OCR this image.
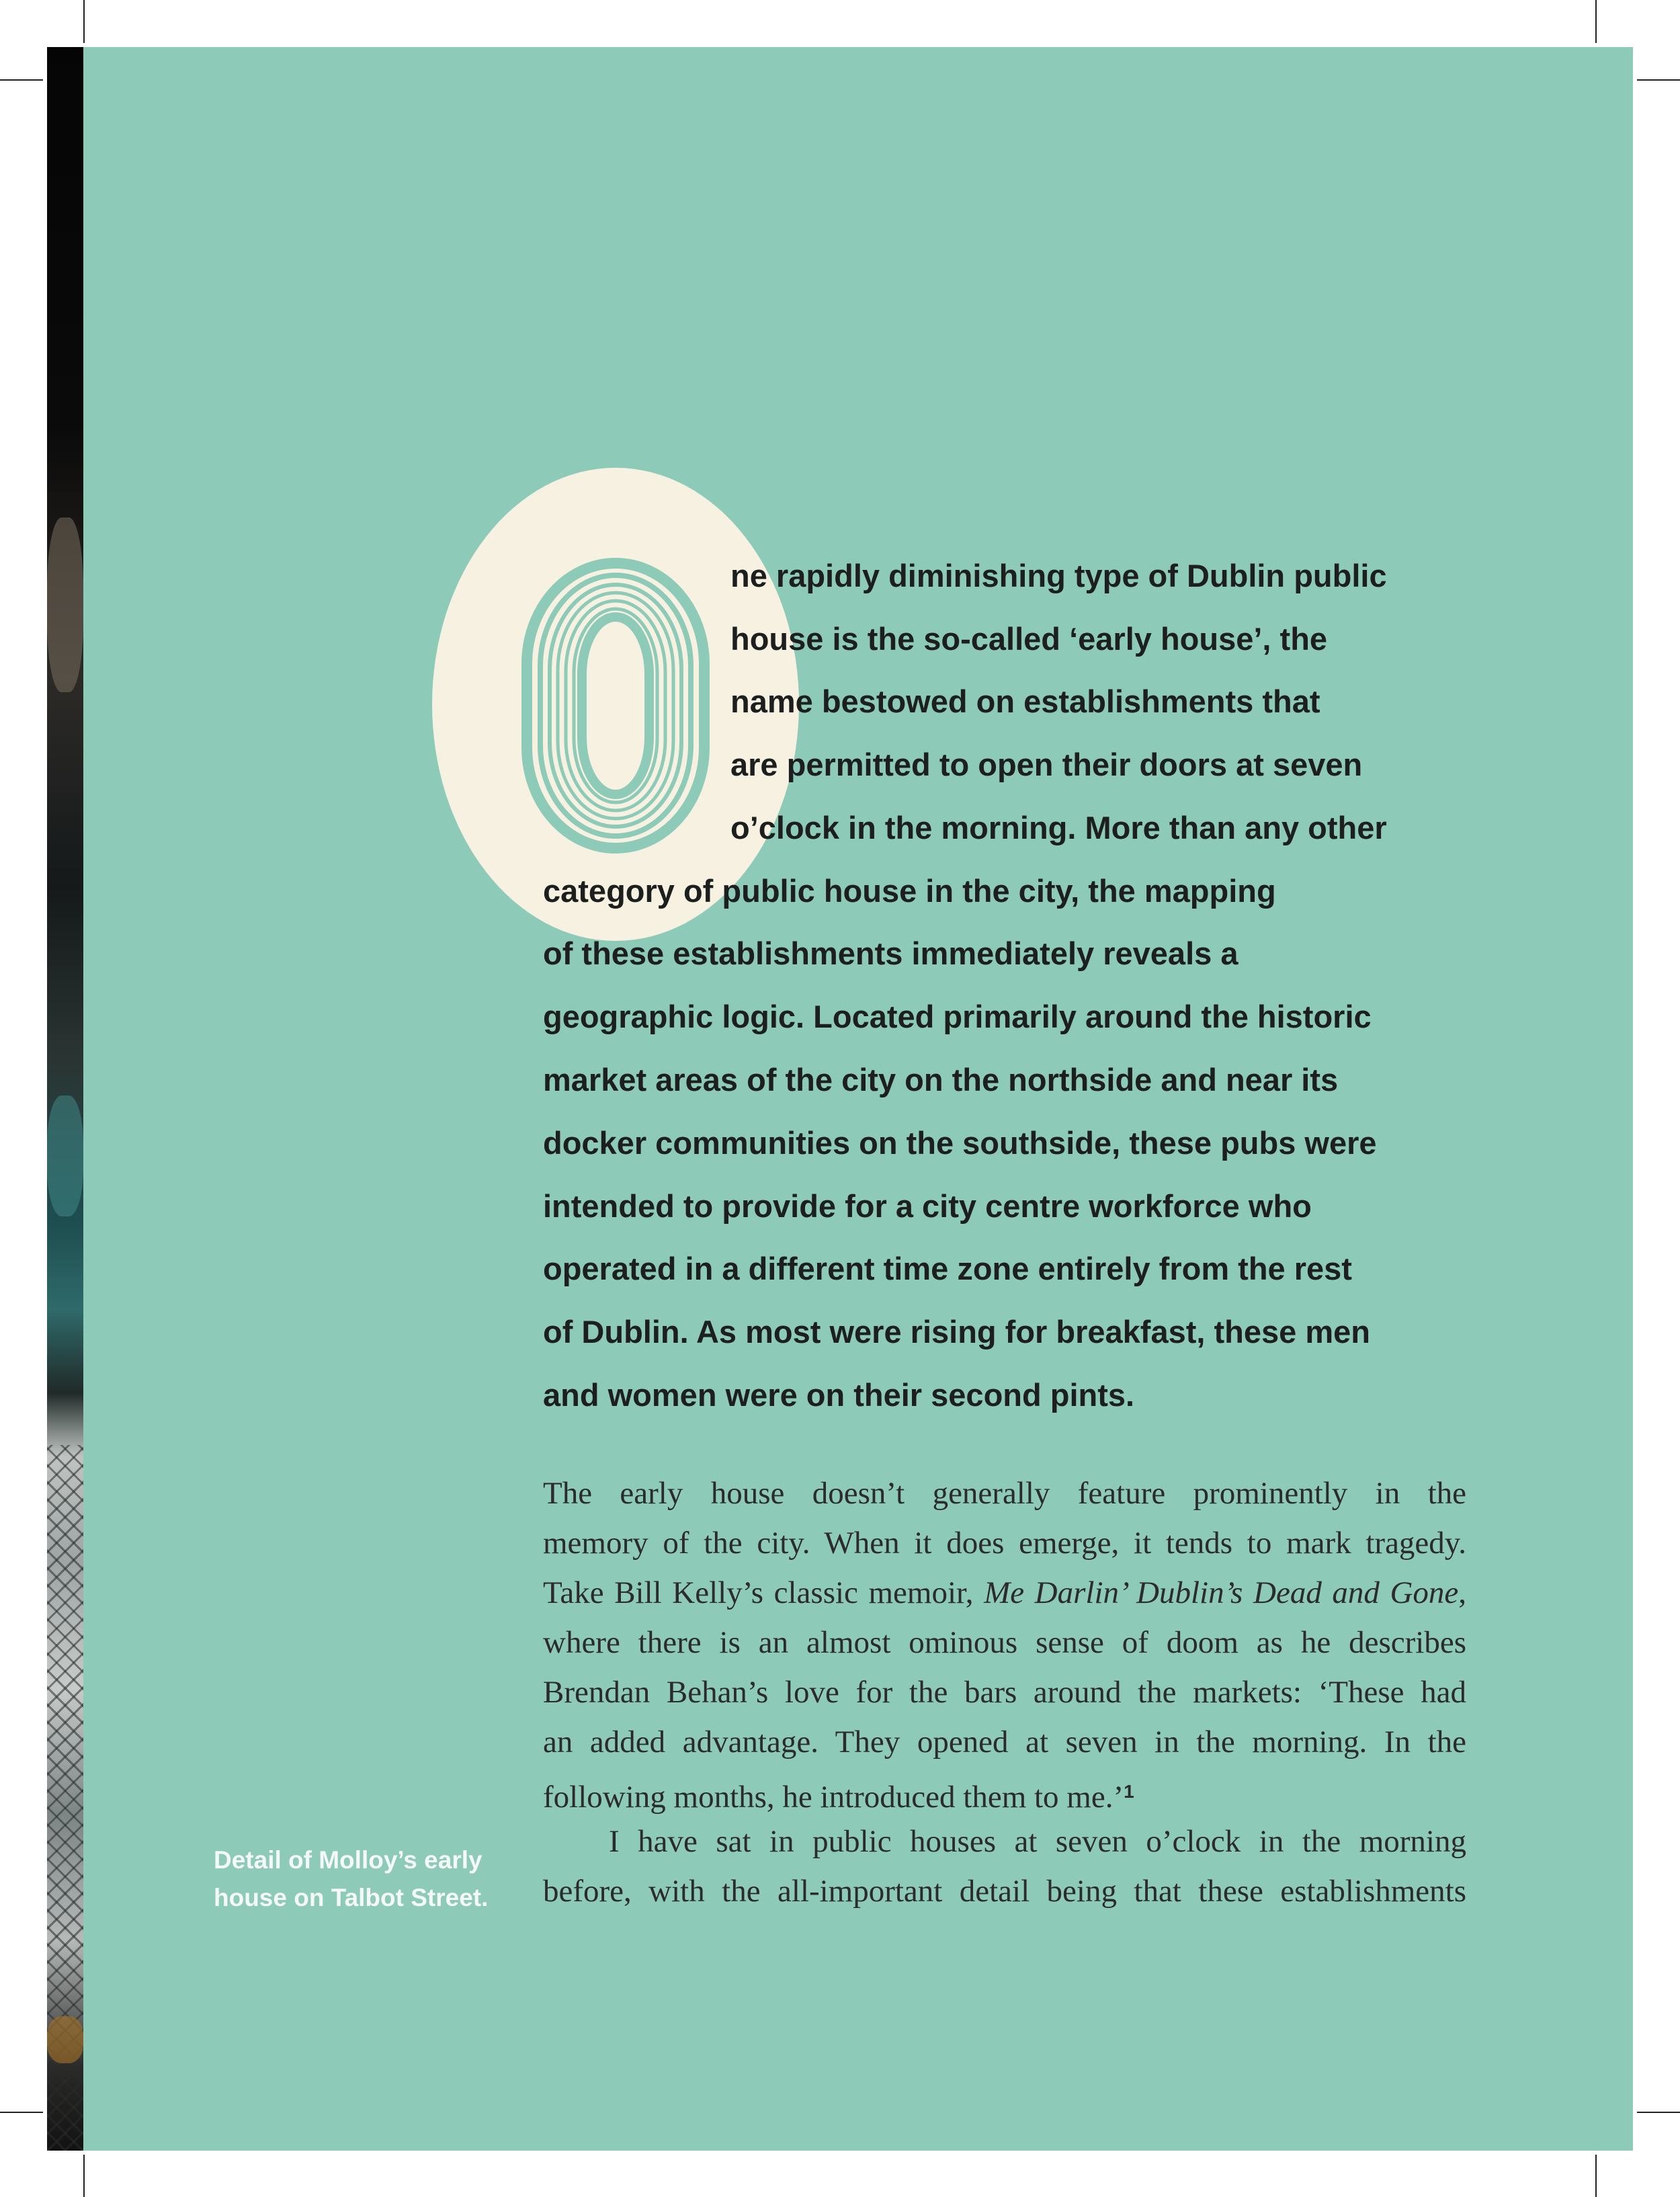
O
ne rapidly diminishing type of Dublin public
house is the so-called ‘early house’, the
name bestowed on establishments that
are permitted to open their doors at seven
o’clock in the morning. More than any other
category of public house in the city, the mapping
of these establishments immediately reveals a
geographic logic. Located primarily around the historic
market areas of the city on the northside and near its
docker communities on the southside, these pubs were
intended to provide for a city centre workforce who
operated in a different time zone entirely from the rest
of Dublin. As most were rising for breakfast, these men
and women were on their second pints.
The early house doesn’t generally feature prominently in the
memory of the city. When it does emerge, it tends to mark tragedy.
Take Bill Kelly’s classic memoir, Me Darlin’ Dublin’s Dead and Gone,
where there is an almost ominous sense of doom as he describes
Brendan Behan’s love for the bars around the markets: ‘These had
an added advantage. They opened at seven in the morning. In the
following months, he introduced them to me.’$^1$
I have sat in public houses at seven o’clock in the morning
before, with the all-important detail being that these establishments
Detail of Molloy’s early
house on Talbot Street.
